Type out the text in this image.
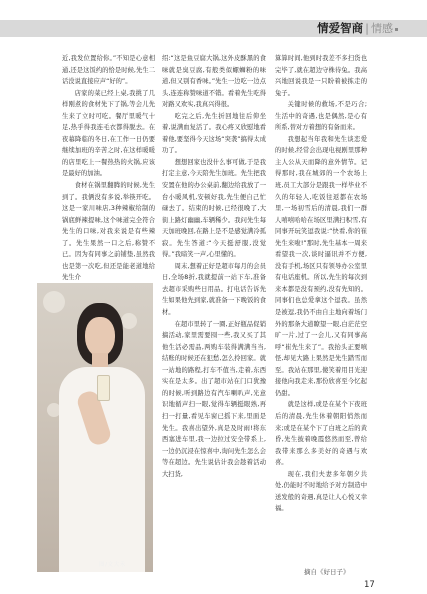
情爱智商 | 情感

近,我发位置给你。”不知是心意相通,还是这饭约的恰是时候,先生二话没说直接应声“好的”。

店家的菜已经上桌,我挑了几样刚煮的食材先下了锅,等会儿先生来了立时可吃。餐厅里暖气十足,热乎得我连毛衣都得脱去。在夜幕降临的冬日,在工作一日仍要继续加班的辛苦之时,在这样暖暖的店里吃上一餐热热的火锅,应该是最好的加油。

食材在锅里翻腾的时候,先生到了。我俩没有多说,举筷开吃。这是一家川味店,3种辣椒给制的锅底鲜辣提味,这个味道完全符合先生的口味,对我来说是有些辣了。先生果然一口之后,称赞不已。因为有同事之前铺垫,虽然我也是第一次吃,但还是能老道地给先生介

绍:“这是鱼豆腐大锅,这外皮酥黑的食味就是臭豆腐,有般类似螺蛳粉的味道,但又别有香味。”先生一边吃一边点头,连连称赞味道不错。看着先生吃得对路又欢实,我真兴得很。

吃完之后,先生折回地往后仰坐着,说满血复活了。我心疼又欣慰地看着他,要坚得今天这场“突袭”搞得太成功了。

想想回家也没什么事可做,于是我打定主意,今天陪先生加班。先生把我安置在他的办公桌前,翻边给我放了一台小暖风机,安顿好我,先生便自己忙碌去了。结束的时候,已经很晚了,大街上路灯幽幽,车辆稀少。我问先生每天加班晚回,在路上是不是感觉满冷孤寂。先生答道:“今天挺舒服,没觉得。”我暗笑一声,心里懂的。

周末,想着正好是超市每月的会员日,全场8折,我就提前一站下车,准备去超市采购些日用品。打电话告诉先生如果他先到家,就准备一下晚饭的食材。

在超市里转了一圈,正好瓶品促销搞活动,家里需要囤一些,我又买了其他生活必需品,两购车装得满满当当,结账的时候还在犯愁,怎么拎回家。就一站地的路程,打车不值当,走着,东西实在是太多。出了超市站在门口犹豫的时候,听到路边有汽车喇叭声,光意识地循声扫一眼,觉得车辆挺眼熟,再扫一打量,看见车窗已摇下来,里面是先生。我喜出望外,真是及时雨!将东西塞进车里,我一边拉过安全带系上,一边仍沉浸在惊喜中,询问先生怎么会等在超边。先生说估计我会趁着活动大扫货,

算算时间,他到时我差不多扫货也完毕了,就在超边守株待兔。我高兴地回说我是一只盼着被拣走的兔子。

关键时候的救场,不是巧合;生活中的奇遇,也是偶然,是心有所系,替对方着想的有备而来。

我想起当年我和先生谈恋爱的时候,经常会出现电视剧里那种主人公从天而降的意外情节。记得那时,我在城郊的一个农场上班,员工大部分是跟我一样毕业不久的年轻人,吃饭往返都在农场里,一场初雪后的清晨,我们一群人嘻嘻哈哈在场区里满扫积雪,有同事开玩笑逗我说:“快看,你的崔先生来啦!”那时,先生基本一周来看望我一次,谈时逼讯并不方便,没有手机,场区只有领导办公室里有电话座机。所以,先生的每次到来本都是没有预约,没有先知的。同事们也总爱拿这个逗我。虽然是被逗,我仍不由自主地向着场门外的那条大道瞭望一眼,白茫茫空旷一片,过了一会儿,又有同事高呼“崔先生来了”。我抬头正要嗔怪,却见大路上果然是先生踏雪而至。我站在那里,傻笑着用目光迎接他向我走来,那份欣喜至今忆起仍甜。

就是这样,或是在某个下夜班后的清晨,先生休着朝阳悄然而来;或是在某个下了白班之后的黄昏,先生披着晚霞悠然而至,曾给我带来那么多美好的奇遇与欢喜。

现在,我们夫妻多年朝夕共处,仍能时不时地给予对方制造中送发般的奇遇,真是让人心悦又幸福。

图/文大禾
摘自《好日子》
17
